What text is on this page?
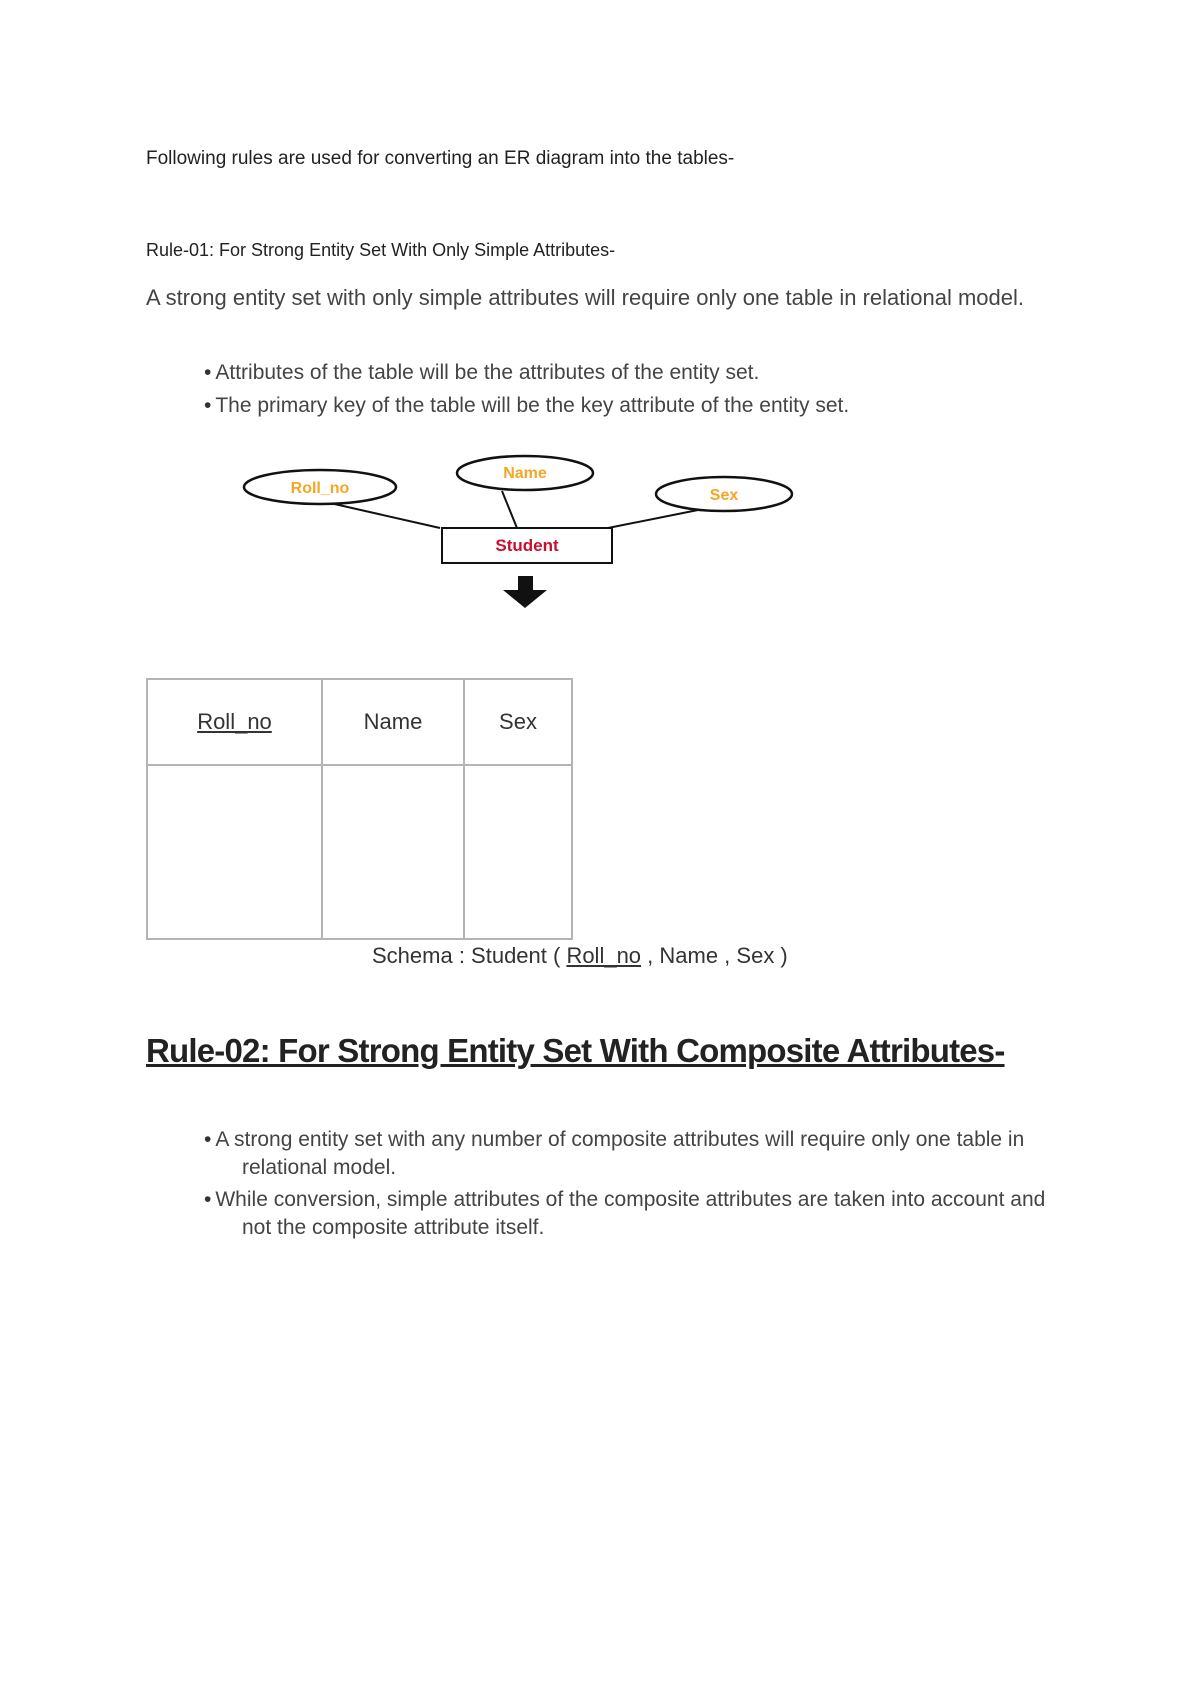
Following rules are used for converting an ER diagram into the tables-
Rule-01: For Strong Entity Set With Only Simple Attributes-
A strong entity set with only simple attributes will require only one table in relational model.
• Attributes of the table will be the attributes of the entity set.
• The primary key of the table will be the key attribute of the entity set.
Roll_no
Name
Sex
Student
Roll_no	Name	Sex

Schema : Student ( Roll_no , Name , Sex )
Rule-02: For Strong Entity Set With Composite Attributes-
• A strong entity set with any number of composite attributes will require only one table in relational model.
• While conversion, simple attributes of the composite attributes are taken into account and not the composite attribute itself.
